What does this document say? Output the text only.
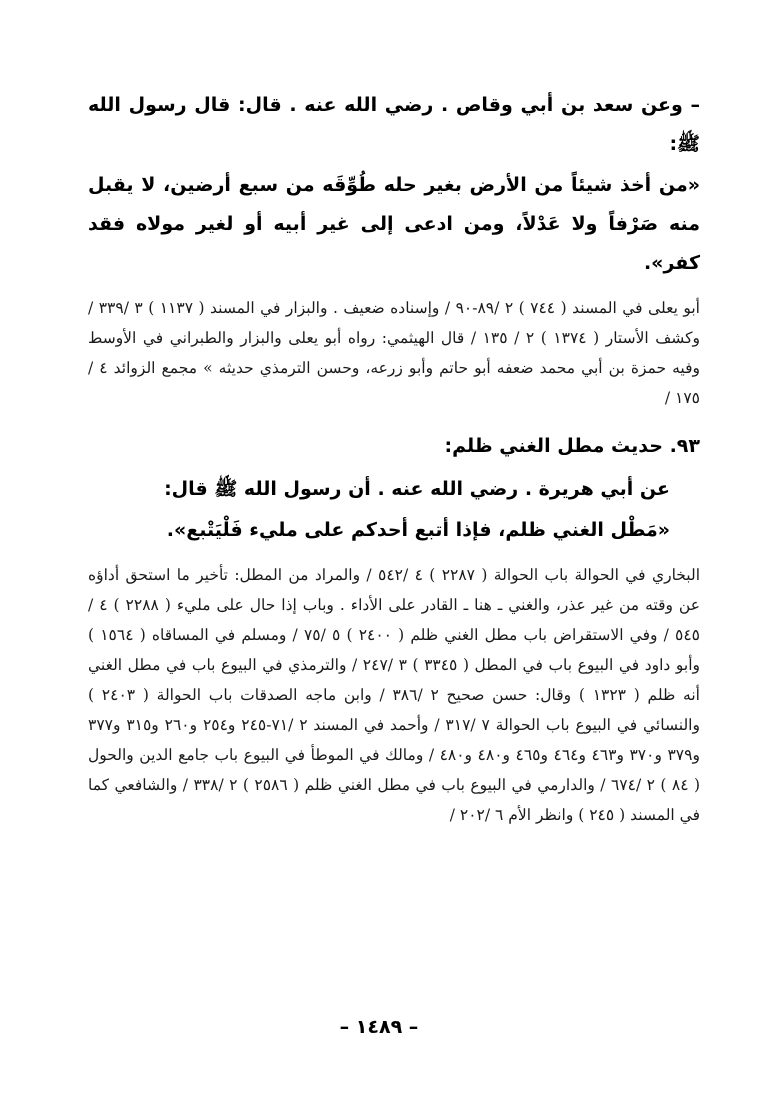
– وعن سعد بن أبي وقاص . رضي الله عنه . قال: قال رسول الله ﷺ:

«من أخذ شيئاً من الأرض بغير حله طُوِّقَه من سبع أرضين، لا يقبل منه صَرْفاً ولا عَدْلاً، ومن ادعى إلى غير أبيه أو لغير مولاه فقد كفر».

أبو يعلى في المسند ( ٧٤٤ ) ٢ /٨٩-٩٠ / وإسناده ضعيف . والبزار في المسند ( ١١٣٧ ) ٣ /٣٣٩ / وكشف الأستار ( ١٣٧٤ ) ٢ / ١٣٥ / قال الهيثمي: رواه أبو يعلى والبزار والطبراني في الأوسط وفيه حمزة بن أبي محمد ضعفه أبو حاتم وأبو زرعه، وحسن الترمذي حديثه » مجمع الزوائد ٤ / ١٧٥ /

٩٣. حديث مطل الغني ظلم:

عن أبي هريرة . رضي الله عنه . أن رسول الله ﷺ قال:

«مَطْل الغني ظلم، فإذا أتبع أحدكم على مليء فَلْيَتْبع».

البخاري في الحوالة باب الحوالة ( ٢٢٨٧ ) ٤ /٥٤٢ / والمراد من المطل: تأخير ما استحق أداؤه عن وقته من غير عذر، والغني ـ هنا ـ القادر على الأداء . وباب إذا حال على مليء ( ٢٢٨٨ ) ٤ /٥٤٥ / وفي الاستقراض باب مطل الغني ظلم ( ٢٤٠٠ ) ٥ /٧٥ / ومسلم في المساقاه ( ١٥٦٤ ) وأبو داود في البيوع باب في المطل ( ٣٣٤٥ ) ٣ /٢٤٧ / والترمذي في البيوع باب في مطل الغني أنه ظلم ( ١٣٢٣ ) وقال: حسن صحيح ٢ /٣٨٦ / وابن ماجه الصدقات باب الحوالة ( ٢٤٠٣ ) والنسائي في البيوع باب الحوالة ٧ /٣١٧ / وأحمد في المسند ٢ /٧١-٢٤٥ و٢٥٤ و٢٦٠ و٣١٥ و٣٧٧ و٣٧٩ و٣٧٠ و٤٦٣ و٤٦٤ و٤٦٥ و٤٨٠ و٤٨٠ / ومالك في الموطأ في البيوع باب جامع الدين والحول ( ٨٤ ) ٢ /٦٧٤ / والدارمي في البيوع باب في مطل الغني ظلم ( ٢٥٨٦ ) ٢ /٣٣٨ / والشافعي كما في المسند ( ٢٤٥ ) وانظر الأم ٦ /٢٠٢ /

– ١٤٨٩ –
